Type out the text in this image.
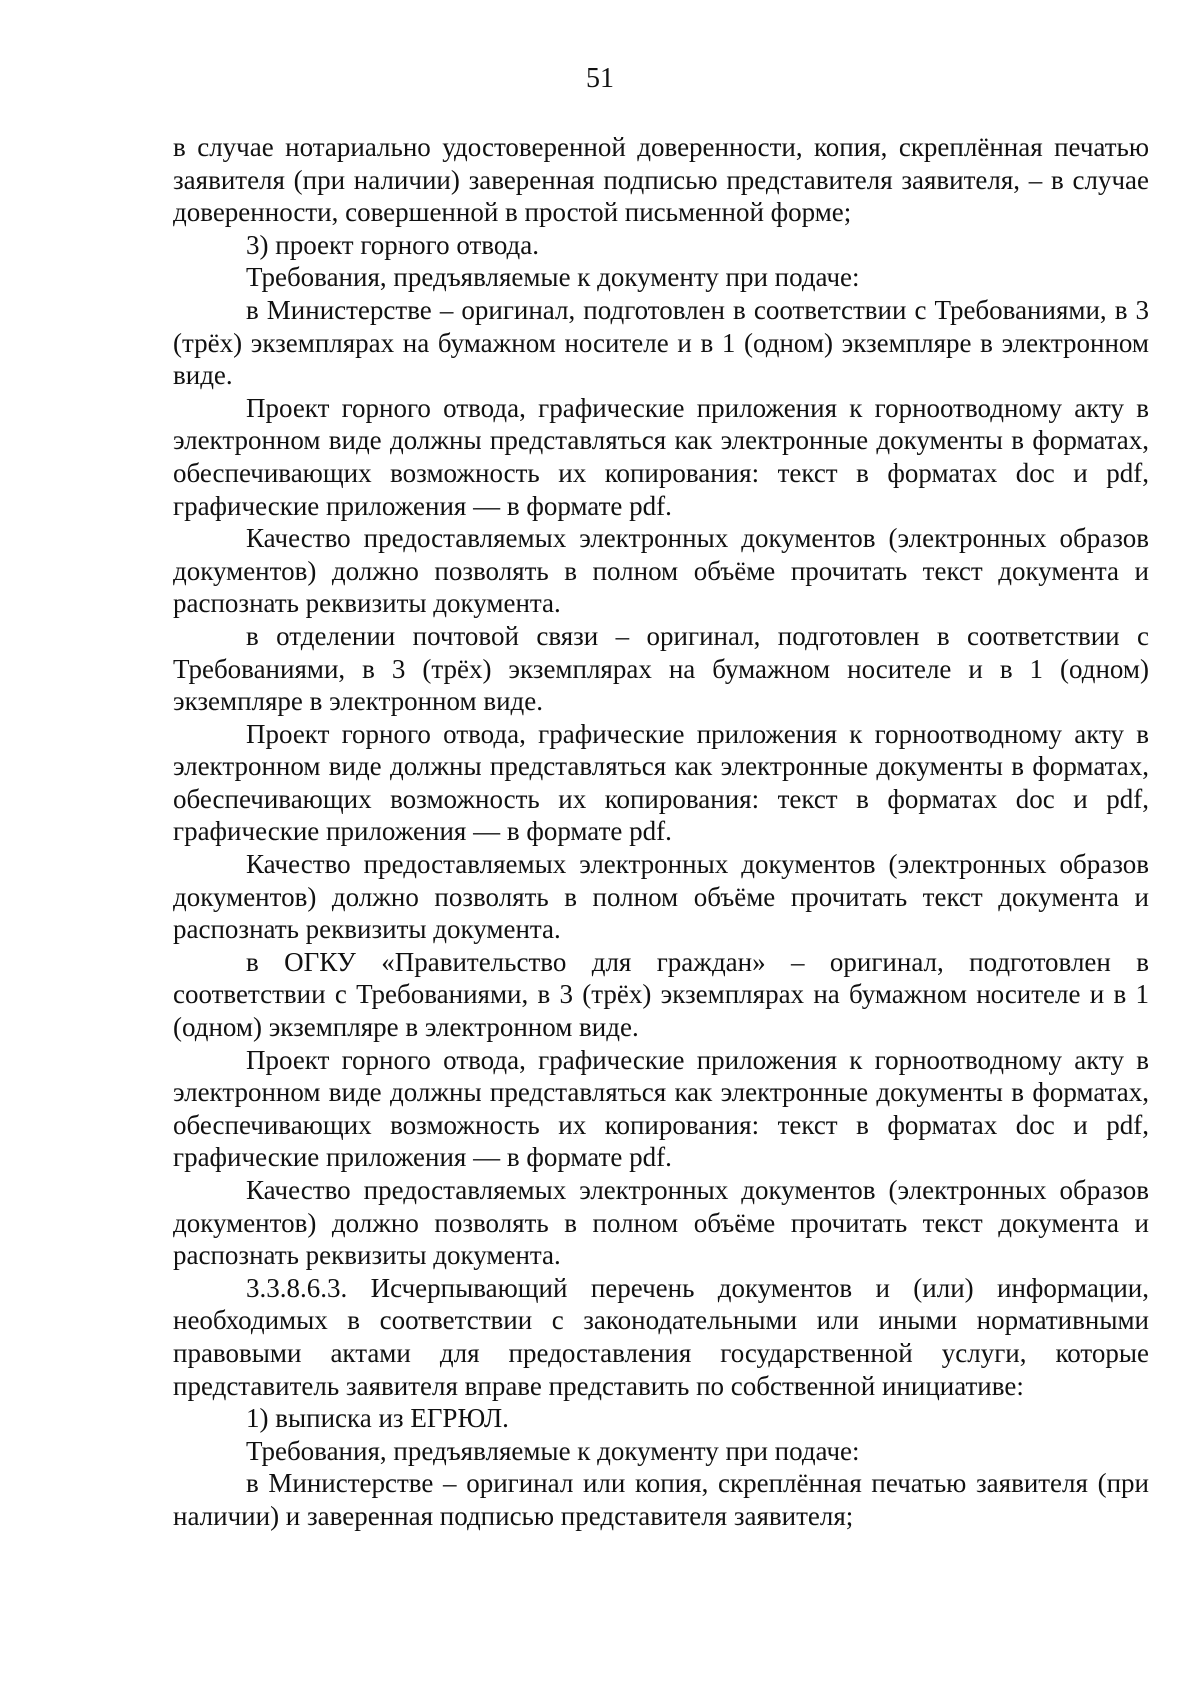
51

в случае нотариально удостоверенной доверенности, копия, скреплённая печатью заявителя (при наличии) заверенная подписью представителя заявителя, – в случае доверенности, совершенной в простой письменной форме;

3) проект горного отвода.

Требования, предъявляемые к документу при подаче:

в Министерстве – оригинал, подготовлен в соответствии с Требованиями, в 3 (трёх) экземплярах на бумажном носителе и в 1 (одном) экземпляре в электронном виде.

Проект горного отвода, графические приложения к горноотводному акту в электронном виде должны представляться как электронные документы в форматах, обеспечивающих возможность их копирования: текст в форматах doc и pdf, графические приложения — в формате pdf.

Качество предоставляемых электронных документов (электронных образов документов) должно позволять в полном объёме прочитать текст документа и распознать реквизиты документа.

в отделении почтовой связи – оригинал, подготовлен в соответствии с Требованиями, в 3 (трёх) экземплярах на бумажном носителе и в 1 (одном) экземпляре в электронном виде.

Проект горного отвода, графические приложения к горноотводному акту в электронном виде должны представляться как электронные документы в форматах, обеспечивающих возможность их копирования: текст в форматах doc и pdf, графические приложения — в формате pdf.

Качество предоставляемых электронных документов (электронных образов документов) должно позволять в полном объёме прочитать текст документа и распознать реквизиты документа.

в ОГКУ «Правительство для граждан» – оригинал, подготовлен в соответствии с Требованиями, в 3 (трёх) экземплярах на бумажном носителе и в 1 (одном) экземпляре в электронном виде.

Проект горного отвода, графические приложения к горноотводному акту в электронном виде должны представляться как электронные документы в форматах, обеспечивающих возможность их копирования: текст в форматах doc и pdf, графические приложения — в формате pdf.

Качество предоставляемых электронных документов (электронных образов документов) должно позволять в полном объёме прочитать текст документа и распознать реквизиты документа.

3.3.8.6.3. Исчерпывающий перечень документов и (или) информации, необходимых в соответствии с законодательными или иными нормативными правовыми актами для предоставления государственной услуги, которые представитель заявителя вправе представить по собственной инициативе:

1) выписка из ЕГРЮЛ.

Требования, предъявляемые к документу при подаче:

в Министерстве – оригинал или копия, скреплённая печатью заявителя (при наличии) и заверенная подписью представителя заявителя;
